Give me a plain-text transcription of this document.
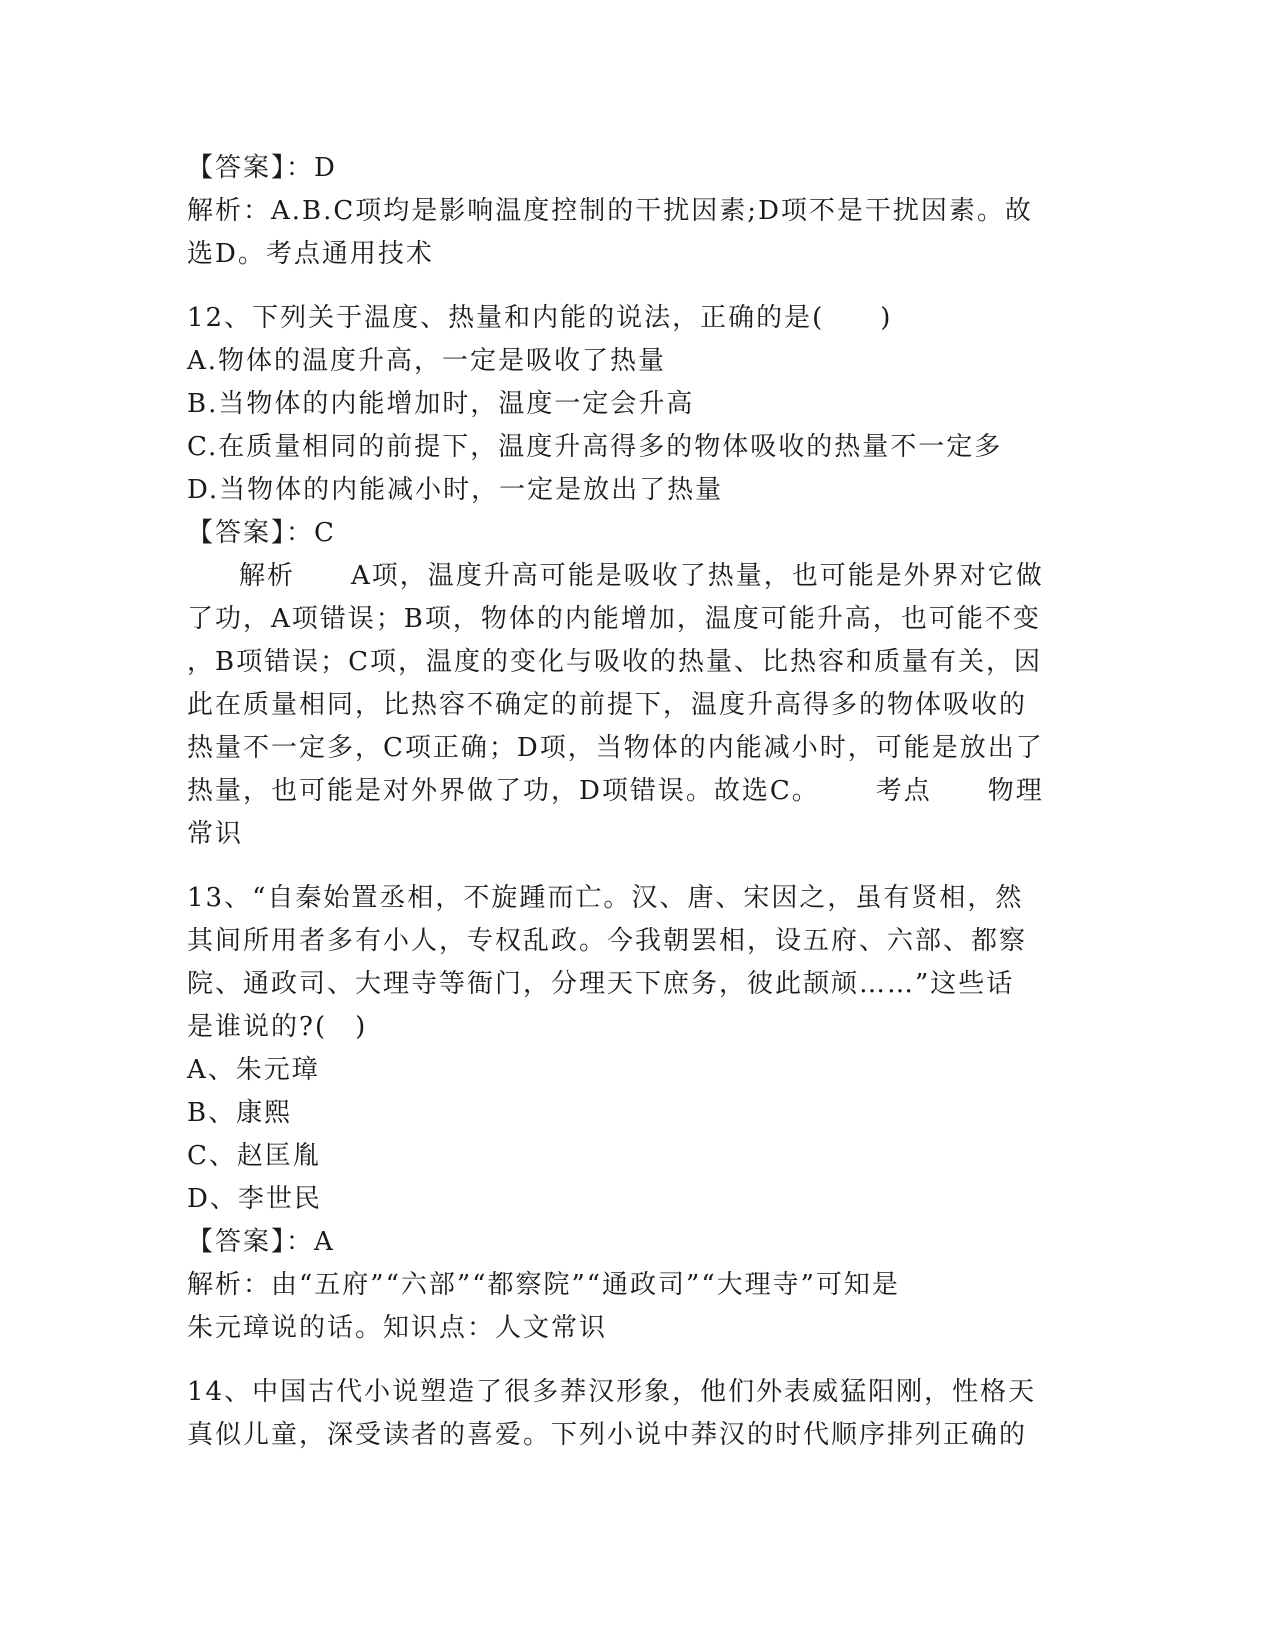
【答案】：D
解析：A.B.C项均是影响温度控制的干扰因素;D项不是干扰因素。故
选D。考点通用技术
12、下列关于温度、热量和内能的说法，正确的是(　　)
A.物体的温度升高，一定是吸收了热量
B.当物体的内能增加时，温度一定会升高
C.在质量相同的前提下，温度升高得多的物体吸收的热量不一定多
D.当物体的内能减小时，一定是放出了热量
【答案】：C
解析 A项，温度升高可能是吸收了热量，也可能是外界对它做
了功，A项错误；B项，物体的内能增加，温度可能升高，也可能不变
，B项错误；C项，温度的变化与吸收的热量、比热容和质量有关，因
此在质量相同，比热容不确定的前提下，温度升高得多的物体吸收的
热量不一定多，C项正确；D项，当物体的内能减小时，可能是放出了
热量，也可能是对外界做了功，D项错误。故选C。 考点 物理
常识
13、“自秦始置丞相，不旋踵而亡。汉、唐、宋因之，虽有贤相，然
其间所用者多有小人，专权乱政。今我朝罢相，设五府、六部、都察
院、通政司、大理寺等衙门，分理天下庶务，彼此颉颃……”这些话
是谁说的?(　)
A、朱元璋
B、康熙
C、赵匡胤
D、李世民
【答案】：A
解析：由“五府”“六部”“都察院”“通政司”“大理寺”可知是
朱元璋说的话。知识点：人文常识
14、中国古代小说塑造了很多莽汉形象，他们外表威猛阳刚，性格天
真似儿童，深受读者的喜爱。下列小说中莽汉的时代顺序排列正确的
